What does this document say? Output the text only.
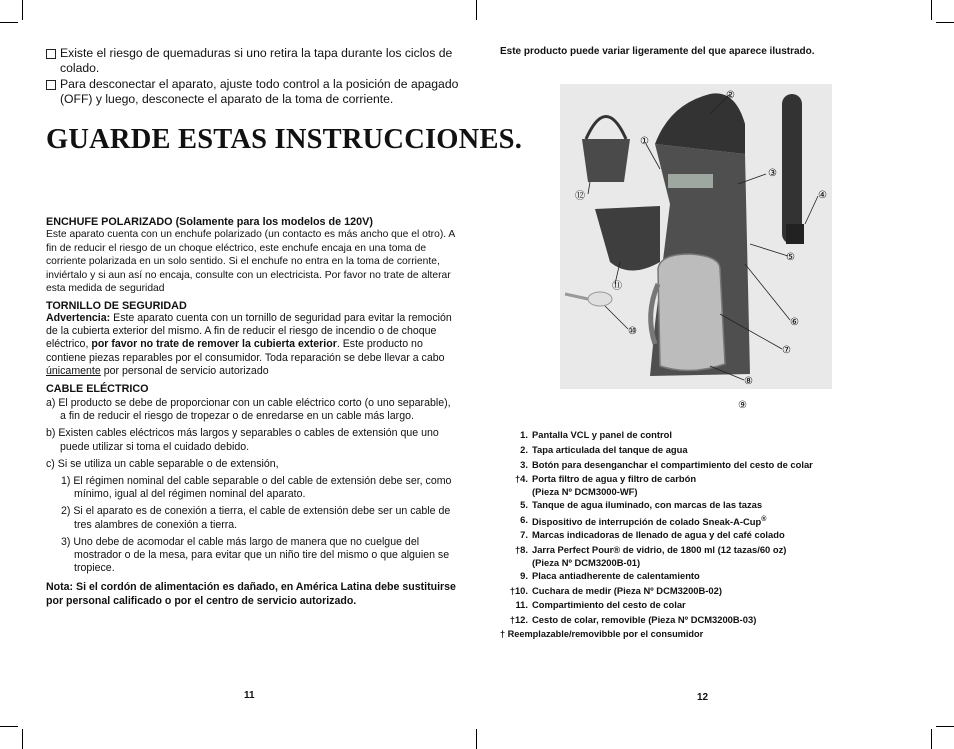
Existe el riesgo de quemaduras si uno retira la tapa durante los ciclos de colado.
Para desconectar el aparato, ajuste todo control a la posición de apagado (OFF) y luego, desconecte el aparato de la toma de corriente.
GUARDE ESTAS INSTRUCCIONES.
ENCHUFE POLARIZADO (Solamente para los modelos de 120V)
Este aparato cuenta con un enchufe polarizado (un contacto es más ancho que el otro). A fin de reducir el riesgo de un choque eléctrico, este enchufe encaja en una toma de corriente polarizada en un solo sentido. Si el enchufe no entra en la toma de corriente, inviértalo y si aun así no encaja, consulte con un electricista. Por favor no trate de alterar esta medida de seguridad
TORNILLO DE SEGURIDAD
Advertencia: Este aparato cuenta con un tornillo de seguridad para evitar la remoción de la cubierta exterior del mismo. A fin de reducir el riesgo de incendio o de choque eléctrico, por favor no trate de remover la cubierta exterior. Este producto no contiene piezas reparables por el consumidor. Toda reparación se debe llevar a cabo únicamente por personal de servicio autorizado
CABLE ELÉCTRICO
a) El producto se debe de proporcionar con un cable eléctrico corto (o uno separable), a fin de reducir el riesgo de tropezar o de enredarse en un cable más largo.
b) Existen cables eléctricos más largos y separables o cables de extensión que uno puede utilizar si toma el cuidado debido.
c) Si se utiliza un cable separable o de extensión,
1) El régimen nominal del cable separable o del cable de extensión debe ser, como mínimo, igual al del régimen nominal del aparato.
2) Si el aparato es de conexión a tierra, el cable de extensión debe ser un cable de tres alambres de conexión a tierra.
3) Uno debe de acomodar el cable más largo de manera que no cuelgue del mostrador o de la mesa, para evitar que un niño tire del mismo o que alguien se tropiece.
Nota: Si el cordón de alimentación es dañado, en América Latina debe sustituirse por personal calificado o por el centro de servicio autorizado.
11
Este producto puede variar ligeramente del que aparece ilustrado.
①
②
③
④
⑤
⑥
⑦
⑧
⑩
⑪
⑫
⑨
1. Pantalla VCL y panel de control
2. Tapa articulada del tanque de agua
3. Botón para desenganchar el compartimiento del cesto de colar
†4. Porta filtro de agua y filtro de carbón
(Pieza Nº DCM3000-WF)
5. Tanque de agua iluminado, con marcas de las tazas
6. Dispositivo de interrupción de colado Sneak-A-Cup®
7. Marcas indicadoras de llenado de agua y del café colado
†8. Jarra Perfect Pour® de vidrio, de 1800 ml (12 tazas/60 oz)
(Pieza Nº DCM3200B-01)
9. Placa antiadherente de calentamiento
†10. Cuchara de medir (Pieza Nº DCM3200B-02)
11. Compartimiento del cesto de colar
†12. Cesto de colar, removible (Pieza Nº DCM3200B-03)
† Reemplazable/removibble por el consumidor
12
